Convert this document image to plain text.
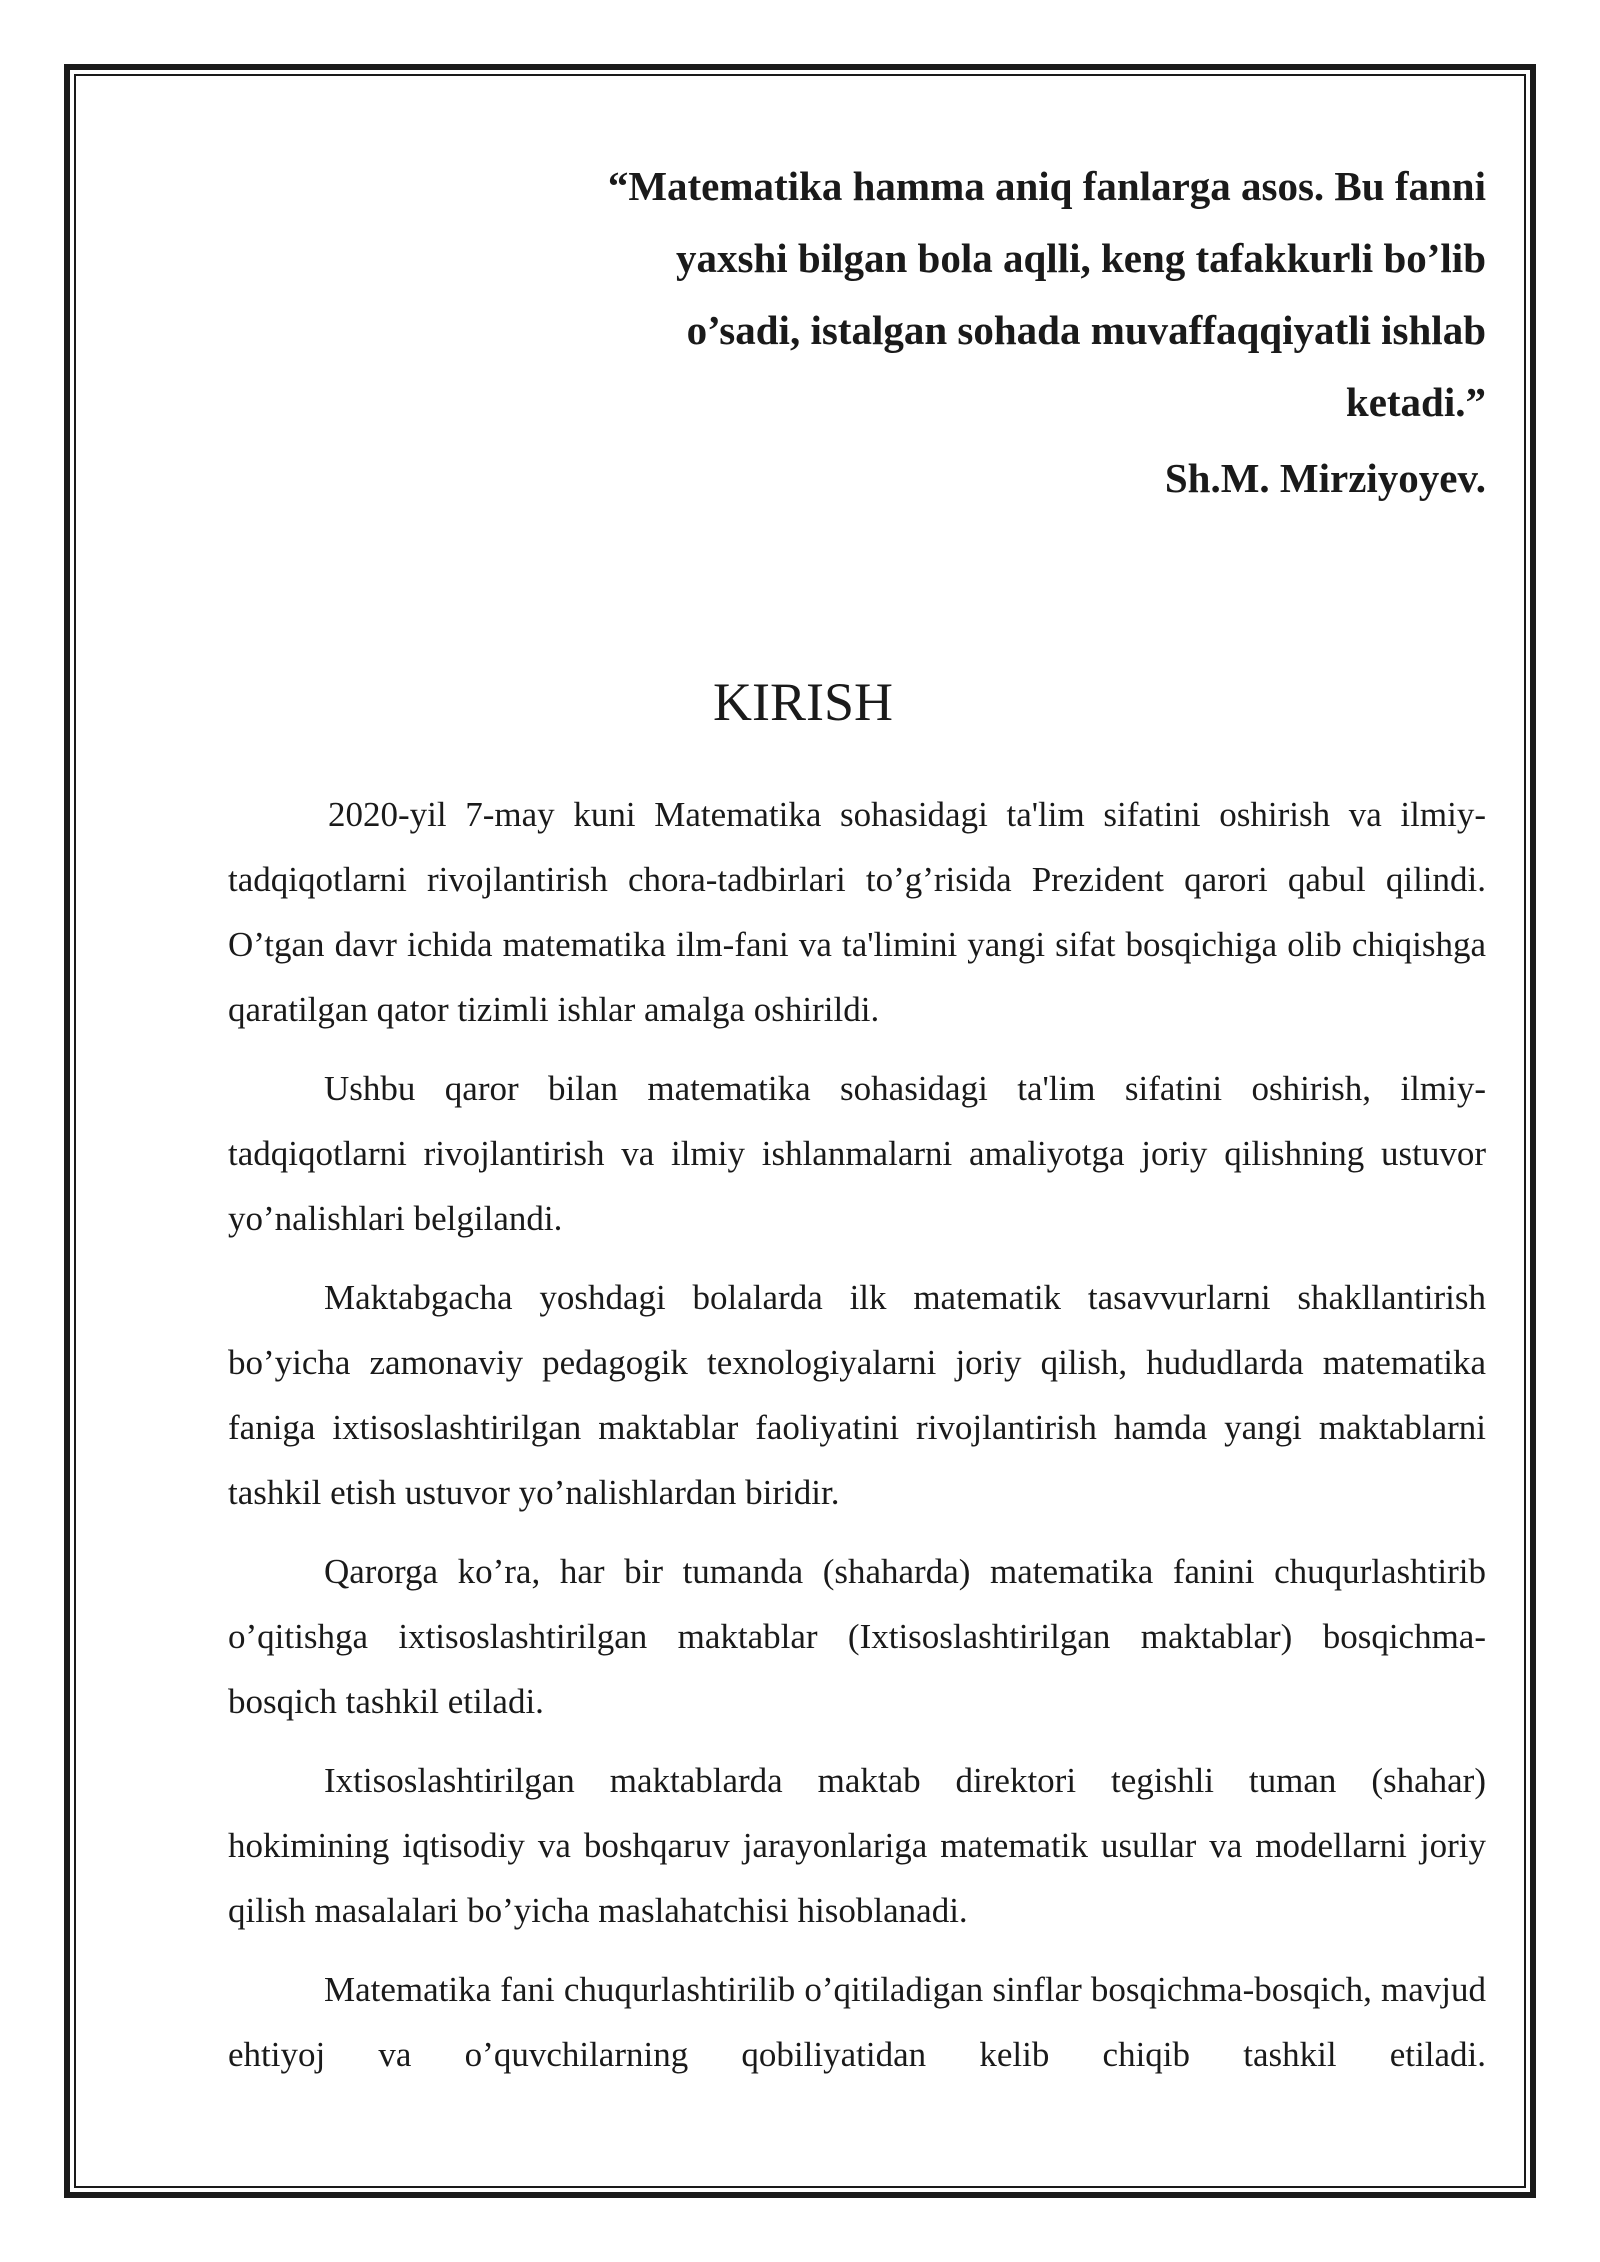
“Matematika hamma aniq fanlarga asos. Bu fanni yaxshi bilgan bola aqlli, keng tafakkurli bo’lib o’sadi, istalgan sohada muvaffaqqiyatli ishlab ketadi.”

Sh.M. Mirziyoyev.

KIRISH

2020-yil 7-may kuni Matematika sohasidagi ta'lim sifatini oshirish va ilmiy-tadqiqotlarni rivojlantirish chora-tadbirlari to’g’risida Prezident qarori qabul qilindi. O’tgan davr ichida matematika ilm-fani va ta'limini yangi sifat bosqichiga olib chiqishga qaratilgan qator tizimli ishlar amalga oshirildi.

Ushbu qaror bilan matematika sohasidagi ta'lim sifatini oshirish, ilmiy-tadqiqotlarni rivojlantirish va ilmiy ishlanmalarni amaliyotga joriy qilishning ustuvor yo’nalishlari belgilandi.

Maktabgacha yoshdagi bolalarda ilk matematik tasavvurlarni shakllantirish bo’yicha zamonaviy pedagogik texnologiyalarni joriy qilish, hududlarda matematika faniga ixtisoslashtirilgan maktablar faoliyatini rivojlantirish hamda yangi maktablarni tashkil etish ustuvor yo’nalishlardan biridir.

Qarorga ko’ra, har bir tumanda (shaharda) matematika fanini chuqurlashtirib o’qitishga ixtisoslashtirilgan maktablar (Ixtisoslashtirilgan maktablar) bosqichma-bosqich tashkil etiladi.

Ixtisoslashtirilgan maktablarda maktab direktori tegishli tuman (shahar) hokimining iqtisodiy va boshqaruv jarayonlariga matematik usullar va modellarni joriy qilish masalalari bo’yicha maslahatchisi hisoblanadi.

Matematika fani chuqurlashtirilib o’qitiladigan sinflar bosqichma-bosqich, mavjud ehtiyoj va o’quvchilarning qobiliyatidan kelib chiqib tashkil etiladi.
